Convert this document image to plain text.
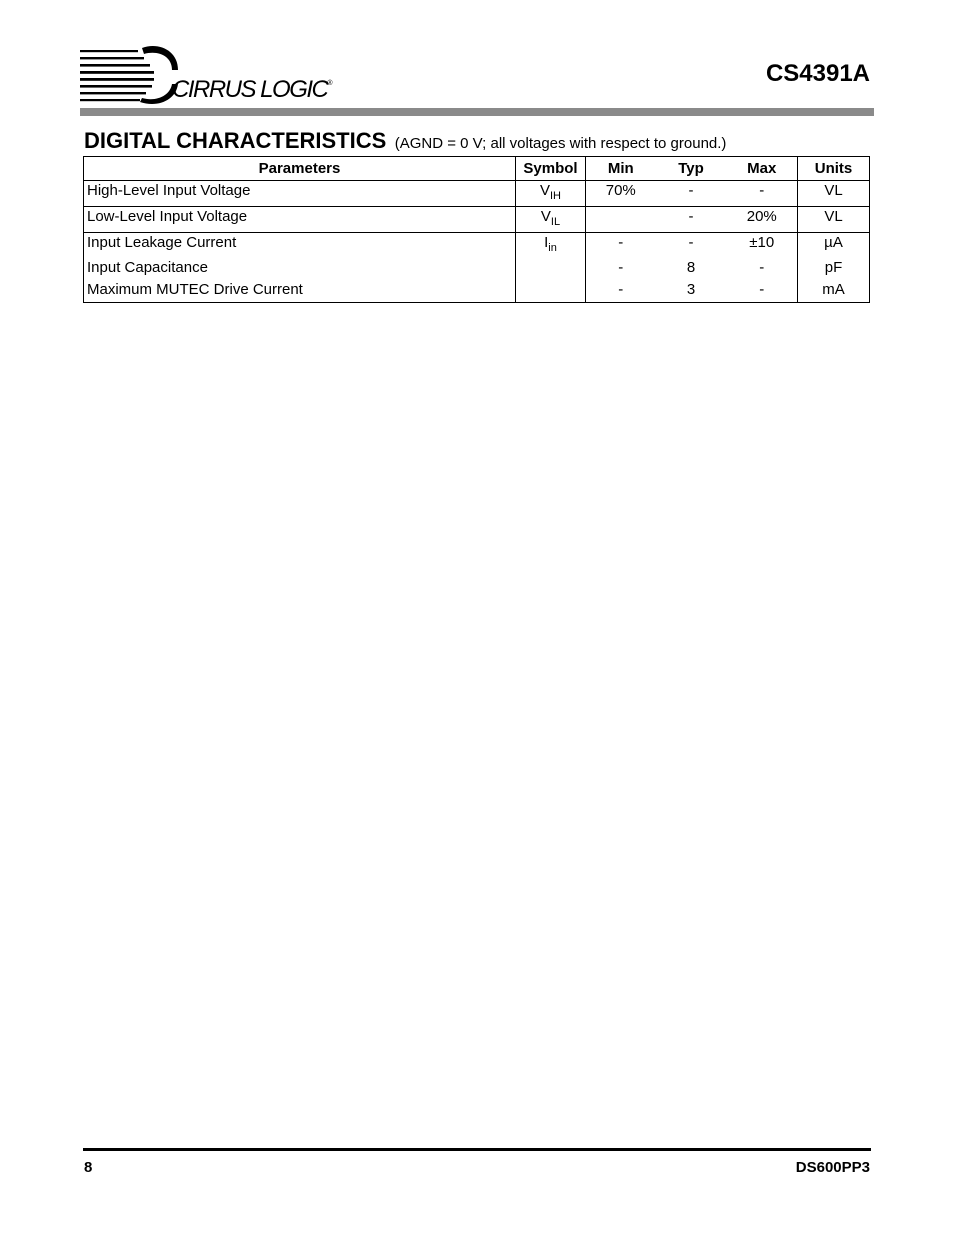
CIRRUS LOGIC®	CS4391A
DIGITAL CHARACTERISTICS (AGND = 0 V; all voltages with respect to ground.)
Parameters	Symbol	Min	Typ	Max	Units
High-Level Input Voltage	$V_{IH}$	70%	-	-	VL
Low-Level Input Voltage	$V_{IL}$		-	20%	VL
Input Leakage Current	$I_{in}$	-	-	±10	µA
Input Capacitance		-	8	-	pF
Maximum MUTEC Drive Current		-	3	-	mA
8	DS600PP3
